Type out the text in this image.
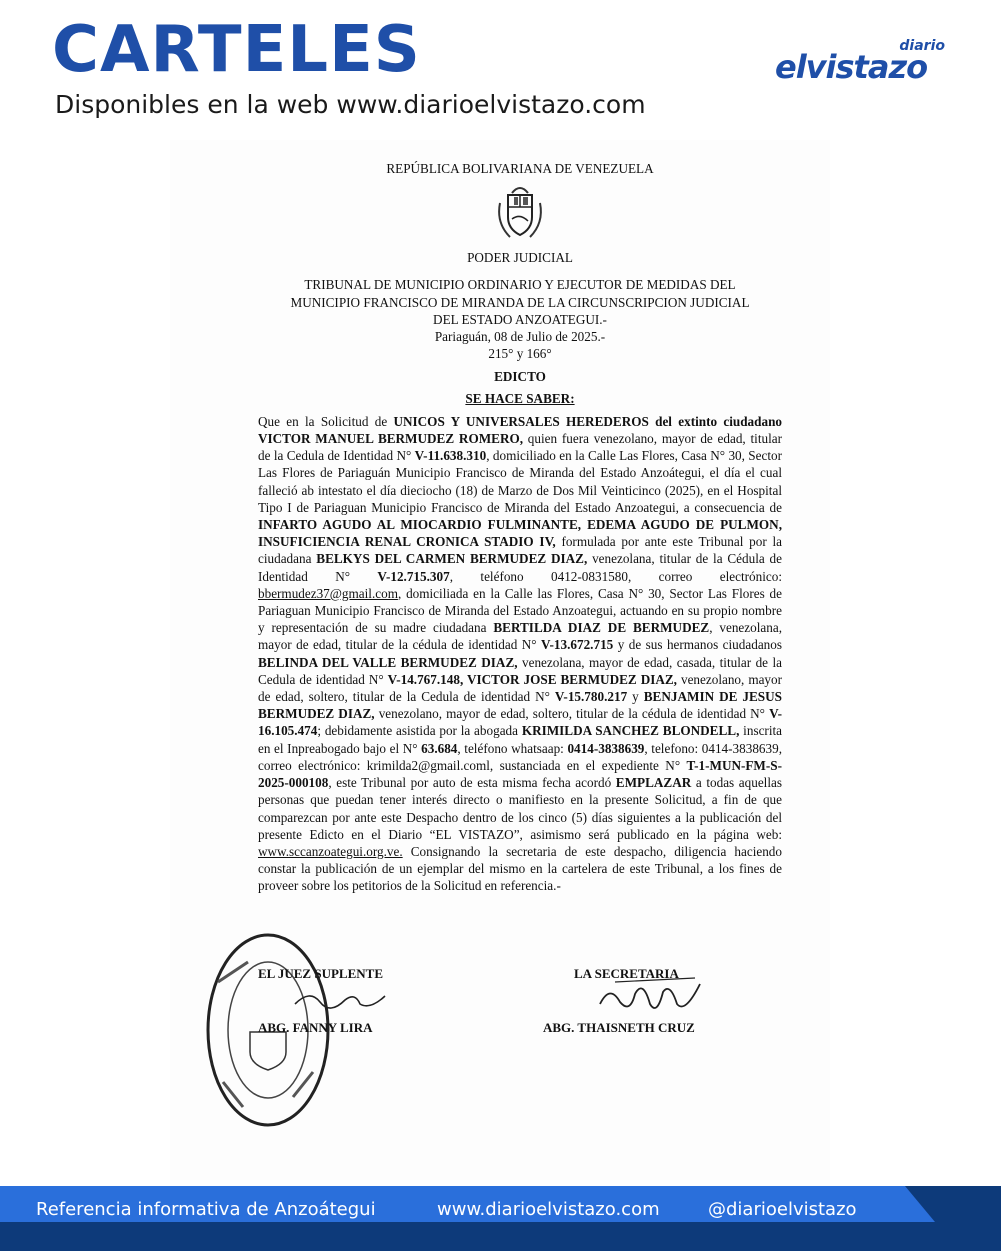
CARTELES
Disponibles en la web www.diarioelvistazo.com
diario
elvistazo
REPÚBLICA BOLIVARIANA DE VENEZUELA
PODER JUDICIAL
TRIBUNAL DE MUNICIPIO ORDINARIO Y EJECUTOR DE MEDIDAS DEL
MUNICIPIO FRANCISCO DE MIRANDA DE LA CIRCUNSCRIPCION JUDICIAL
DEL ESTADO ANZOATEGUI.-
Pariaguán, 08 de Julio de 2025.-
215° y 166°
EDICTO
SE HACE SABER:
Que en la Solicitud de UNICOS Y UNIVERSALES HEREDEROS del extinto ciudadano VICTOR MANUEL BERMUDEZ ROMERO, quien fuera venezolano, mayor de edad, titular de la Cedula de Identidad N° V-11.638.310, domiciliado en la Calle Las Flores, Casa N° 30, Sector Las Flores de Pariaguán Municipio Francisco de Miranda del Estado Anzoátegui, el día el cual falleció ab intestato el día dieciocho (18) de Marzo de Dos Mil Veinticinco (2025), en el Hospital Tipo I de Pariaguan Municipio Francisco de Miranda del Estado Anzoategui, a consecuencia de INFARTO AGUDO AL MIOCARDIO FULMINANTE, EDEMA AGUDO DE PULMON, INSUFICIENCIA RENAL CRONICA STADIO IV, formulada por ante este Tribunal por la ciudadana BELKYS DEL CARMEN BERMUDEZ DIAZ, venezolana, titular de la Cédula de Identidad N° V-12.715.307, teléfono 0412-0831580, correo electrónico: bbermudez37@gmail.com, domiciliada en la Calle las Flores, Casa N° 30, Sector Las Flores de Pariaguan Municipio Francisco de Miranda del Estado Anzoategui, actuando en su propio nombre y representación de su madre ciudadana BERTILDA DIAZ DE BERMUDEZ, venezolana, mayor de edad, titular de la cédula de identidad N° V-13.672.715 y de sus hermanos ciudadanos BELINDA DEL VALLE BERMUDEZ DIAZ, venezolana, mayor de edad, casada, titular de la Cedula de identidad N° V-14.767.148, VICTOR JOSE BERMUDEZ DIAZ, venezolano, mayor de edad, soltero, titular de la Cedula de identidad N° V-15.780.217 y BENJAMIN DE JESUS BERMUDEZ DIAZ, venezolano, mayor de edad, soltero, titular de la cédula de identidad N° V-16.105.474; debidamente asistida por la abogada KRIMILDA SANCHEZ BLONDELL, inscrita en el Inpreabogado bajo el N° 63.684, teléfono whatsaap: 0414-3838639, telefono: 0414-3838639, correo electrónico: krimilda2@gmail.coml, sustanciada en el expediente N° T-1-MUN-FM-S-2025-000108, este Tribunal por auto de esta misma fecha acordó EMPLAZAR a todas aquellas personas que puedan tener interés directo o manifiesto en la presente Solicitud, a fin de que comparezcan por ante este Despacho dentro de los cinco (5) días siguientes a la publicación del presente Edicto en el Diario “EL VISTAZO”, asimismo será publicado en la página web: www.sccanzoategui.org.ve. Consignando la secretaria de este despacho, diligencia haciendo constar la publicación de un ejemplar del mismo en la cartelera de este Tribunal, a los fines de proveer sobre los petitorios de la Solicitud en referencia.-
EL JUEZ SUPLENTE
ABG. FANNY LIRA
LA SECRETARIA
ABG. THAISNETH CRUZ
Referencia informativa de Anzoátegui	www.diarioelvistazo.com	@diarioelvistazo
